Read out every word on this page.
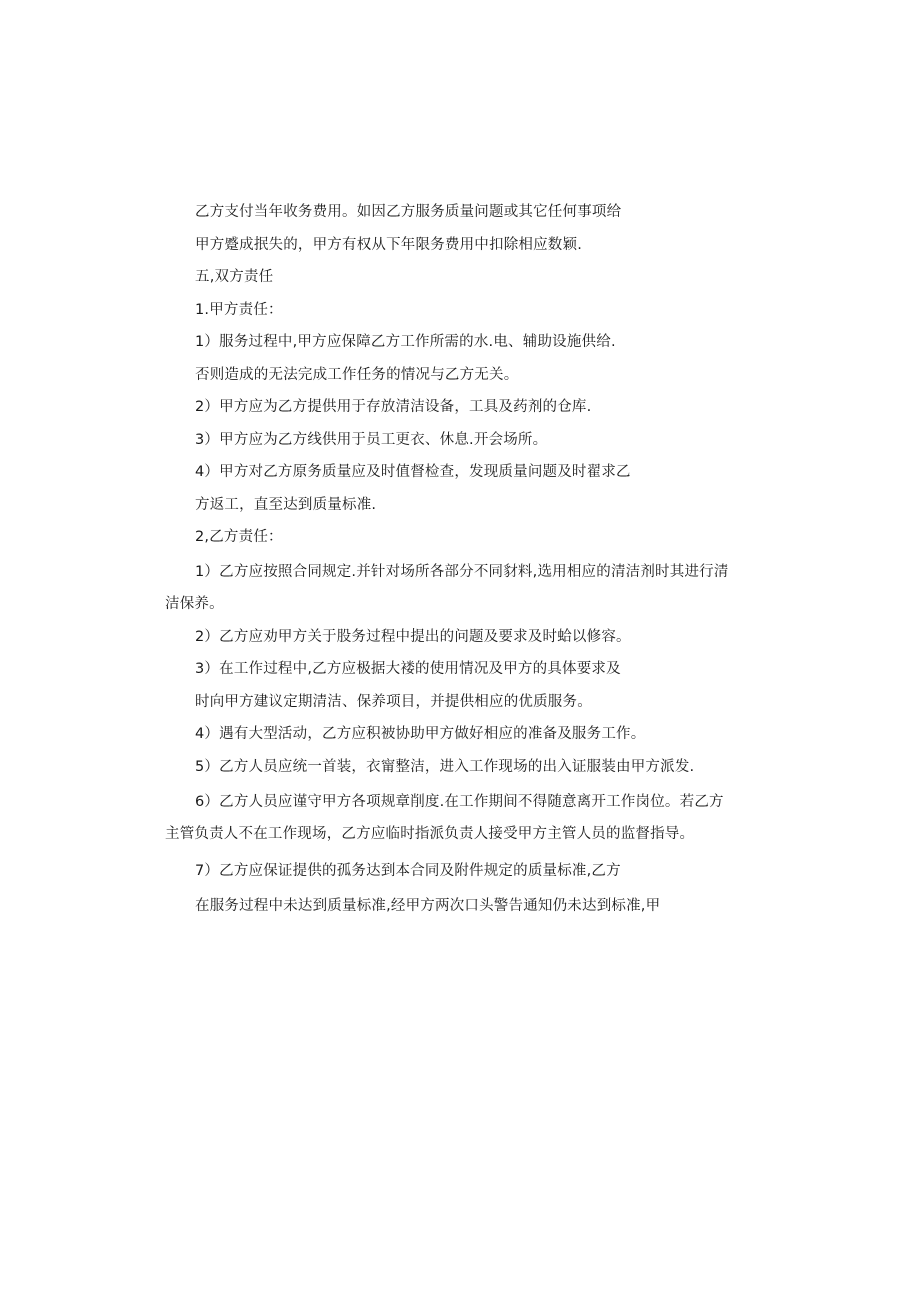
乙方支付当年收务费用。如因乙方服务质量问题或其它任何事项给
甲方蹙成抿失的，甲方有权从下年限务费用中扣除相应数颖.
五,双方责任
1.甲方责任：
1）服务过程中,甲方应保障乙方工作所需的水.电、辅助设施供给.
否则造成的无法完成工作任务的情况与乙方无关。
2）甲方应为乙方提供用于存放清洁设备，工具及药剂的仓库.
3）甲方应为乙方线供用于员工更衣、休息.开会场所。
4）甲方对乙方原务质量应及时值督检查，发现质量问题及时翟求乙
方返工，直至达到质量标准.
2,乙方责任：
1）乙方应按照合同规定.并针对场所各部分不同豺料,选用相应的清洁剂时其进行清
洁保养。
2）乙方应劝甲方关于股务过程中提出的问题及要求及时蛤以修容。
3）在工作过程中,乙方应极据大褛的使用情况及甲方的具体要求及
时向甲方建议定期清洁、保养项目，并提供相应的优质服务。
4）遇有大型活动，乙方应积被协助甲方做好相应的准备及服务工作。
5）乙方人员应统一首装，衣甯整洁，进入工作现场的出入证服装由甲方派发.
6）乙方人员应谨守甲方各项规章削度.在工作期间不得随意离开工作岗位。若乙方
主管负责人不在工作现场，乙方应临时指派负责人接受甲方主管人员的监督指导。
7）乙方应保证提供的孤务达到本合同及附件规定的质量标准,乙方
在服务过程中未达到质量标准,经甲方两次口头警告通知仍未达到标准,甲
